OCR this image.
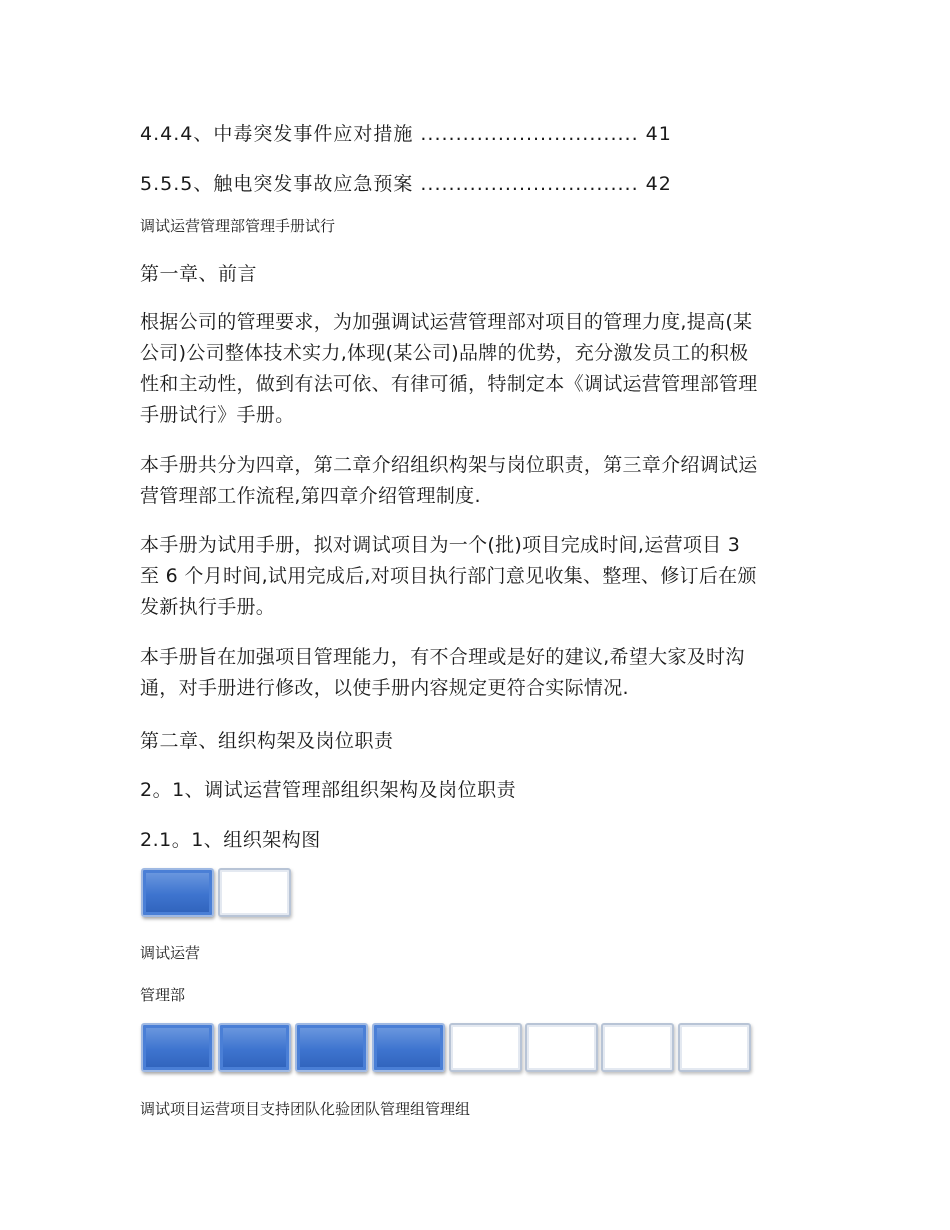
4.4.4、中毒突发事件应对措施 ............................... 41
5.5.5、触电突发事故应急预案 ............................... 42
调试运营管理部管理手册试行
第一章、前言
根据公司的管理要求，为加强调试运营管理部对项目的管理力度,提高(某
公司)公司整体技术实力,体现(某公司)品牌的优势，充分激发员工的积极
性和主动性，做到有法可依、有律可循，特制定本《调试运营管理部管理
手册试行》手册。
本手册共分为四章，第二章介绍组织构架与岗位职责，第三章介绍调试运
营管理部工作流程,第四章介绍管理制度.
本手册为试用手册，拟对调试项目为一个(批)项目完成时间,运营项目 3
至 6 个月时间,试用完成后,对项目执行部门意见收集、整理、修订后在颁
发新执行手册。
本手册旨在加强项目管理能力，有不合理或是好的建议,希望大家及时沟
通，对手册进行修改，以使手册内容规定更符合实际情况.
第二章、组织构架及岗位职责
2。1、调试运营管理部组织架构及岗位职责
2.1。1、组织架构图
调试运营
管理部
调试项目运营项目支持团队化验团队管理组管理组
